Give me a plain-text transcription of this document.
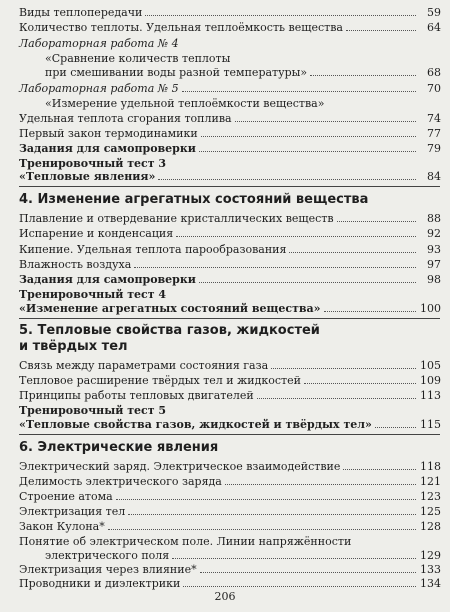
Виды теплопередачи	59
Количество теплоты. Удельная теплоёмкость вещества	64
Лабораторная работа № 4
«Сравнение количеств теплоты
при смешивании воды разной температуры»	68
Лабораторная работа № 5	70
«Измерение удельной теплоёмкости вещества»
Удельная теплота сгорания топлива	74
Первый закон термодинамики	77
Задания для самопроверки	79
Тренировочный тест 3
«Тепловые явления»	84
4. Изменение агрегатных состояний вещества
Плавление и отвердевание кристаллических веществ	88
Испарение и конденсация	92
Кипение. Удельная теплота парообразования	93
Влажность воздуха	97
Задания для самопроверки	98
Тренировочный тест 4
«Изменение агрегатных состояний вещества»	100
5. Тепловые свойства газов, жидкостей
и твёрдых тел
Связь между параметрами состояния газа	105
Тепловое расширение твёрдых тел и жидкостей	109
Принципы работы тепловых двигателей	113
Тренировочный тест 5
«Тепловые свойства газов, жидкостей и твёрдых тел»	115
6. Электрические явления
Электрический заряд. Электрическое взаимодействие	118
Делимость электрического заряда	121
Строение атома	123
Электризация тел	125
Закон Кулона*	128
Понятие об электрическом поле. Линии напряжённости
электрического поля	129
Электризация через влияние*	133
Проводники и диэлектрики	134
206
